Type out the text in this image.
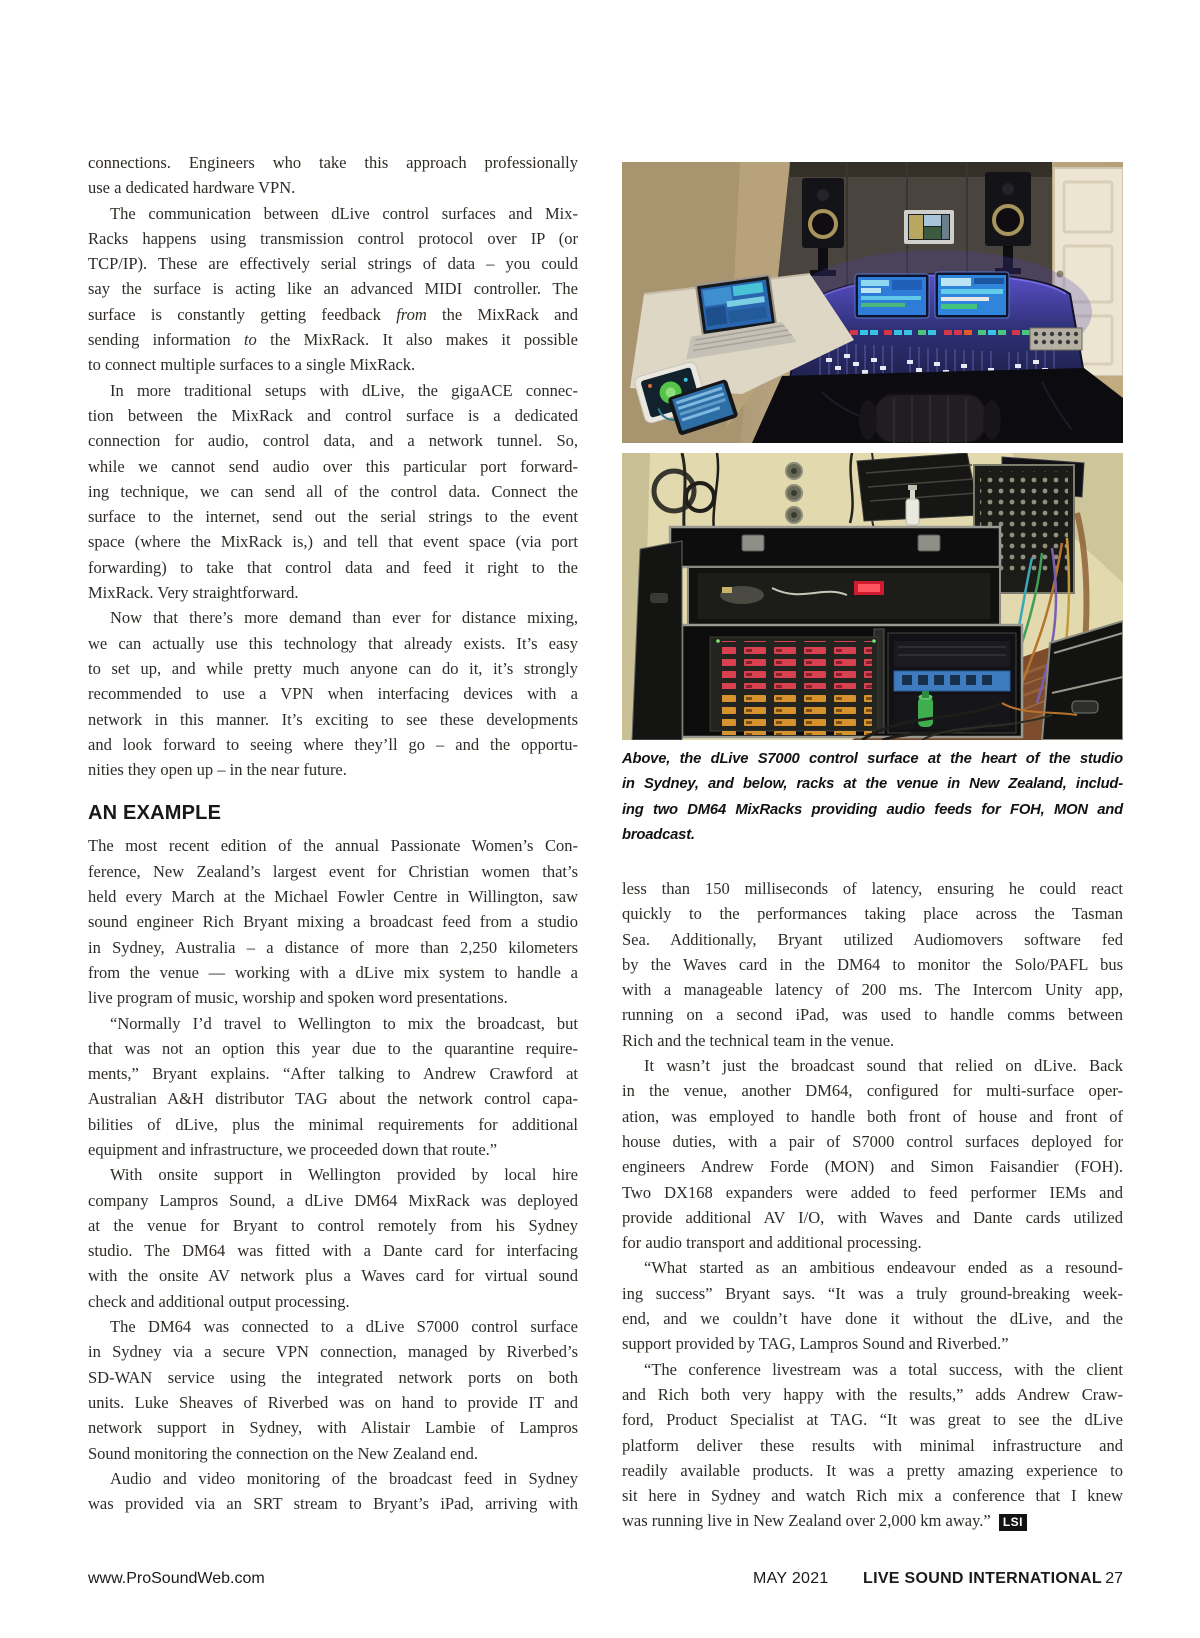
connections. Engineers who take this approach professionally
use a dedicated hardware VPN.
The communication between dLive control surfaces and Mix-
Racks happens using transmission control protocol over IP (or
TCP/IP). These are effectively serial strings of data – you could
say the surface is acting like an advanced MIDI controller. The
surface is constantly getting feedback from the MixRack and
sending information to the MixRack. It also makes it possible
to connect multiple surfaces to a single MixRack.
In more traditional setups with dLive, the gigaACE connec-
tion between the MixRack and control surface is a dedicated
connection for audio, control data, and a network tunnel. So,
while we cannot send audio over this particular port forward-
ing technique, we can send all of the control data. Connect the
surface to the internet, send out the serial strings to the event
space (where the MixRack is,) and tell that event space (via port
forwarding) to take that control data and feed it right to the
MixRack. Very straightforward.
Now that there’s more demand than ever for distance mixing,
we can actually use this technology that already exists. It’s easy
to set up, and while pretty much anyone can do it, it’s strongly
recommended to use a VPN when interfacing devices with a
network in this manner. It’s exciting to see these developments
and look forward to seeing where they’ll go – and the opportu-
nities they open up – in the near future.
AN EXAMPLE
The most recent edition of the annual Passionate Women’s Con-
ference, New Zealand’s largest event for Christian women that’s
held every March at the Michael Fowler Centre in Willington, saw
sound engineer Rich Bryant mixing a broadcast feed from a studio
in Sydney, Australia – a distance of more than 2,250 kilometers
from the venue — working with a dLive mix system to handle a
live program of music, worship and spoken word presentations.
“Normally I’d travel to Wellington to mix the broadcast, but
that was not an option this year due to the quarantine require-
ments,” Bryant explains. “After talking to Andrew Crawford at
Australian A&H distributor TAG about the network control capa-
bilities of dLive, plus the minimal requirements for additional
equipment and infrastructure, we proceeded down that route.”
With onsite support in Wellington provided by local hire
company Lampros Sound, a dLive DM64 MixRack was deployed
at the venue for Bryant to control remotely from his Sydney
studio. The DM64 was fitted with a Dante card for interfacing
with the onsite AV network plus a Waves card for virtual sound
check and additional output processing.
The DM64 was connected to a dLive S7000 control surface
in Sydney via a secure VPN connection, managed by Riverbed’s
SD-WAN service using the integrated network ports on both
units. Luke Sheaves of Riverbed was on hand to provide IT and
network support in Sydney, with Alistair Lambie of Lampros
Sound monitoring the connection on the New Zealand end.
Audio and video monitoring of the broadcast feed in Sydney
was provided via an SRT stream to Bryant’s iPad, arriving with
Above, the dLive S7000 control surface at the heart of the studio
in Sydney, and below, racks at the venue in New Zealand, includ-
ing two DM64 MixRacks providing audio feeds for FOH, MON and
broadcast.
less than 150 milliseconds of latency, ensuring he could react
quickly to the performances taking place across the Tasman
Sea. Additionally, Bryant utilized Audiomovers software fed
by the Waves card in the DM64 to monitor the Solo/PAFL bus
with a manageable latency of 200 ms. The Intercom Unity app,
running on a second iPad, was used to handle comms between
Rich and the technical team in the venue.
It wasn’t just the broadcast sound that relied on dLive. Back
in the venue, another DM64, configured for multi-surface oper-
ation, was employed to handle both front of house and front of
house duties, with a pair of S7000 control surfaces deployed for
engineers Andrew Forde (MON) and Simon Faisandier (FOH).
Two DX168 expanders were added to feed performer IEMs and
provide additional AV I/O, with Waves and Dante cards utilized
for audio transport and additional processing.
“What started as an ambitious endeavour ended as a resound-
ing success” Bryant says. “It was a truly ground-breaking week-
end, and we couldn’t have done it without the dLive, and the
support provided by TAG, Lampros Sound and Riverbed.”
“The conference livestream was a total success, with the client
and Rich both very happy with the results,” adds Andrew Craw-
ford, Product Specialist at TAG. “It was great to see the dLive
platform deliver these results with minimal infrastructure and
readily available products. It was a pretty amazing experience to
sit here in Sydney and watch Rich mix a conference that I knew
was running live in New Zealand over 2,000 km away.” LSI
www.ProSoundWeb.com	MAY 2021 LIVE SOUND INTERNATIONAL 27
